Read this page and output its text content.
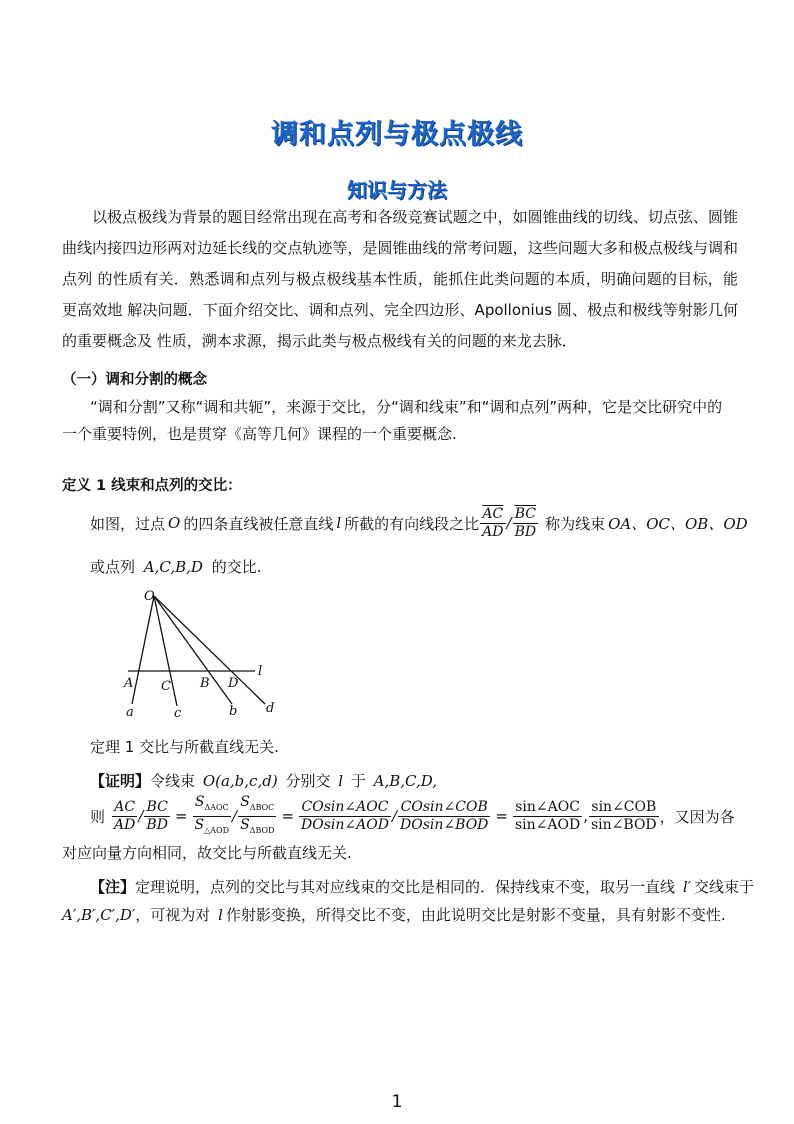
调和点列与极点极线
知识与方法
以极点极线为背景的题目经常出现在高考和各级竞赛试题之中，如圆锥曲线的切线、切点弦、圆锥曲线内接四边形两对边延长线的交点轨迹等，是圆锥曲线的常考问题，这些问题大多和极点极线与调和点列 的性质有关．熟悉调和点列与极点极线基本性质，能抓住此类问题的本质，明确问题的目标，能更高效地 解决问题．下面介绍交比、调和点列、完全四边形、Apollonius 圆、极点和极线等射影几何的重要概念及 性质，溯本求源，揭示此类与极点极线有关的问题的来龙去脉．
（一）调和分割的概念
“调和分割”又称“调和共轭”，来源于交比，分“调和线束”和“调和点列”两种，它是交比研究中的
一个重要特例，也是贯穿《高等几何》课程的一个重要概念.
定义 1 线束和点列的交比：
如图，过点 O 的四条直线被任意直线 l 所截的有向线段之比 $\frac{\overline{AC}}{AD} / \frac{\overline{BC}}{BD}$ 称为线束 OA、OC、OB、OD
或点列 A,C,B,D 的交比.
O
l
A C B D
a	c	b d
定理 1 交比与所截直线无关.
【证明】令线束 O(a,b,c,d) 分别交 l 于 A,B,C,D,
则 $\frac{AC}{AD} / \frac{BC}{BD} = \frac{S_{\Delta AOC}}{S_{\triangle AOD}} / \frac{S_{\Delta BOC}}{S_{\Delta BOD}} = \frac{\text{COsin∠AOC}}{\text{DOsin∠AOD}} / \frac{\text{COsin∠COB}}{\text{DOsin∠BOD}} = \frac{\text{sin∠AOC}}{\text{sin∠AOD}}$ , $\frac{\text{sin∠COB}}{\text{sin∠BOD}}$ ，又因为各
对应向量方向相同，故交比与所截直线无关.
【注】定理说明，点列的交比与其对应线束的交比是相同的．保持线束不变，取另一直线 l′ 交线束于
A′,B′,C′,D′，可视为对 l 作射影变换，所得交比不变，由此说明交比是射影不变量，具有射影不变性.
1
